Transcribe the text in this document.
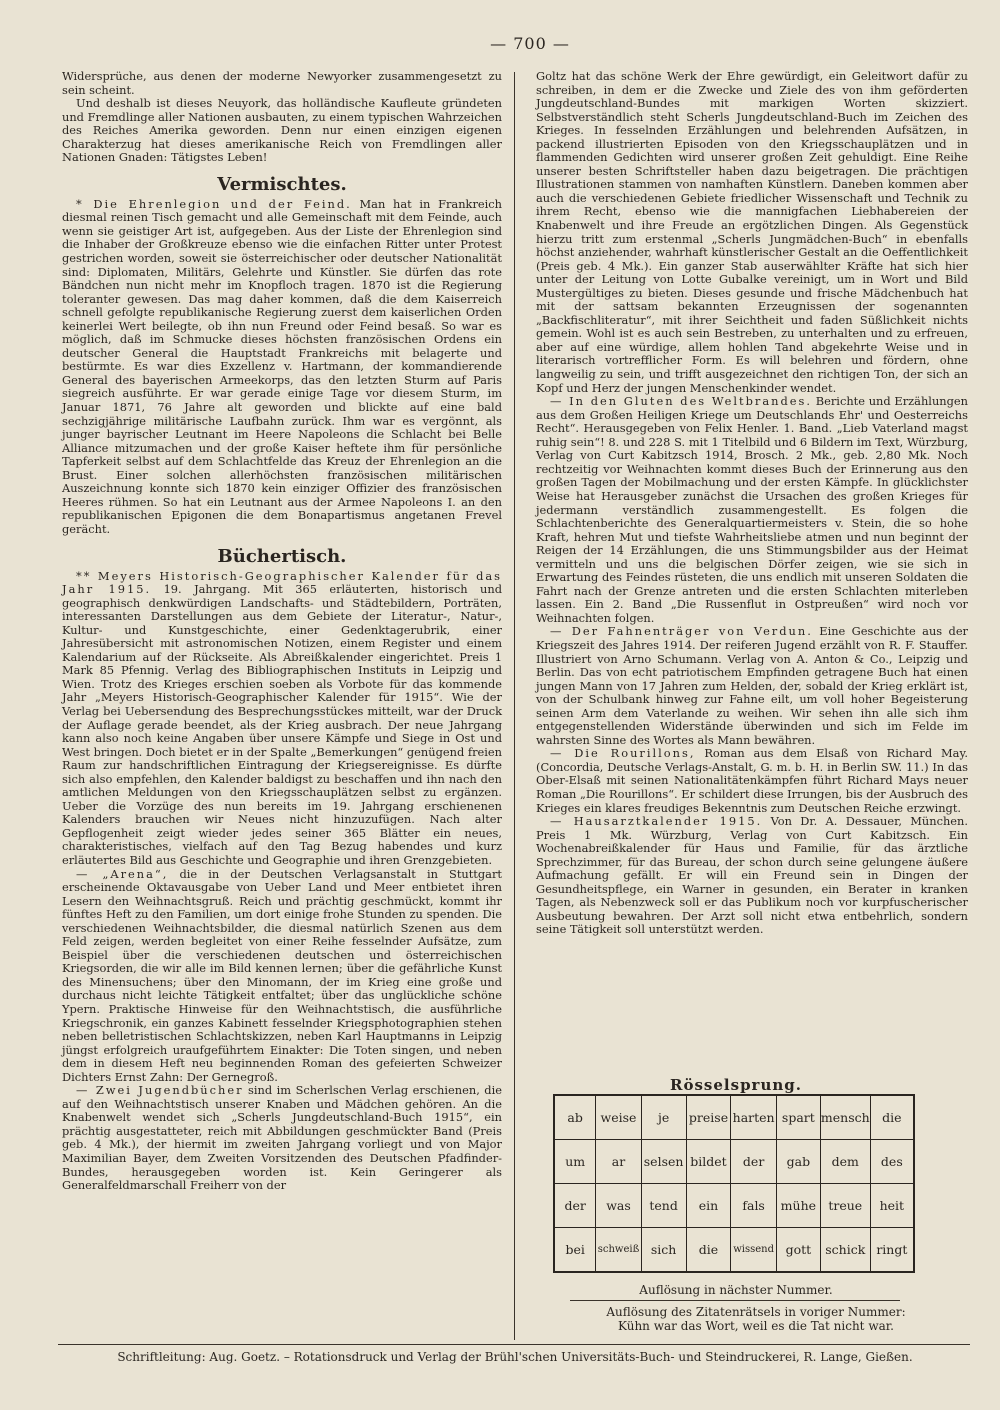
— 700 —

Widersprüche, aus denen der moderne Newyorker zusammengesetzt zu sein scheint.

Und deshalb ist dieses Neuyork, das holländische Kaufleute gründeten und Fremdlinge aller Nationen ausbauten, zu einem typischen Wahrzeichen des Reiches Amerika geworden. Denn nur einen einzigen eigenen Charakterzug hat dieses amerikanische Reich von Fremdlingen aller Nationen Gnaden: Tätigstes Leben!

Vermischtes.

* Die Ehrenlegion und der Feind. Man hat in Frankreich diesmal reinen Tisch gemacht und alle Gemeinschaft mit dem Feinde, auch wenn sie geistiger Art ist, aufgegeben. Aus der Liste der Ehrenlegion sind die Inhaber der Großkreuze ebenso wie die einfachen Ritter unter Protest gestrichen worden, soweit sie österreichischer oder deutscher Nationalität sind: Diplomaten, Militärs, Gelehrte und Künstler. Sie dürfen das rote Bändchen nun nicht mehr im Knopfloch tragen. 1870 ist die Regierung toleranter gewesen. Das mag daher kommen, daß die dem Kaiserreich schnell gefolgte republikanische Regierung zuerst dem kaiserlichen Orden keinerlei Wert beilegte, ob ihn nun Freund oder Feind besaß. So war es möglich, daß im Schmucke dieses höchsten französischen Ordens ein deutscher General die Hauptstadt Frankreichs mit belagerte und bestürmte. Es war dies Exzellenz v. Hartmann, der kommandierende General des bayerischen Armeekorps, das den letzten Sturm auf Paris siegreich ausführte. Er war gerade einige Tage vor diesem Sturm, im Januar 1871, 76 Jahre alt geworden und blickte auf eine bald sechzigjährige militärische Laufbahn zurück. Ihm war es vergönnt, als junger bayrischer Leutnant im Heere Napoleons die Schlacht bei Belle Alliance mitzumachen und der große Kaiser heftete ihm für persönliche Tapferkeit selbst auf dem Schlachtfelde das Kreuz der Ehrenlegion an die Brust. Einer solchen allerhöchsten französischen militärischen Auszeichnung konnte sich 1870 kein einziger Offizier des französischen Heeres rühmen. So hat ein Leutnant aus der Armee Napoleons I. an den republikanischen Epigonen die dem Bonapartismus angetanen Frevel gerächt.

Büchertisch.

** Meyers Historisch-Geographischer Kalender für das Jahr 1915. 19. Jahrgang. Mit 365 erläuterten, historisch und geographisch denkwürdigen Landschafts- und Städtebildern, Porträten, interessanten Darstellungen aus dem Gebiete der Literatur-, Natur-, Kultur- und Kunstgeschichte, einer Gedenktagerubrik, einer Jahresübersicht mit astronomischen Notizen, einem Register und einem Kalendarium auf der Rückseite. Als Abreißkalender eingerichtet. Preis 1 Mark 85 Pfennig. Verlag des Bibliographischen Instituts in Leipzig und Wien. Trotz des Krieges erschien soeben als Vorbote für das kommende Jahr „Meyers Historisch-Geographischer Kalender für 1915“. Wie der Verlag bei Uebersendung des Besprechungsstückes mitteilt, war der Druck der Auflage gerade beendet, als der Krieg ausbrach. Der neue Jahrgang kann also noch keine Angaben über unsere Kämpfe und Siege in Ost und West bringen. Doch bietet er in der Spalte „Bemerkungen“ genügend freien Raum zur handschriftlichen Eintragung der Kriegsereignisse. Es dürfte sich also empfehlen, den Kalender baldigst zu beschaffen und ihn nach den amtlichen Meldungen von den Kriegsschauplätzen selbst zu ergänzen. Ueber die Vorzüge des nun bereits im 19. Jahrgang erschienenen Kalenders brauchen wir Neues nicht hinzuzufügen. Nach alter Gepflogenheit zeigt wieder jedes seiner 365 Blätter ein neues, charakteristisches, vielfach auf den Tag Bezug habendes und kurz erläutertes Bild aus Geschichte und Geographie und ihren Grenzgebieten.

— „Arena“, die in der Deutschen Verlagsanstalt in Stuttgart erscheinende Oktavausgabe von Ueber Land und Meer entbietet ihren Lesern den Weihnachtsgruß. Reich und prächtig geschmückt, kommt ihr fünftes Heft zu den Familien, um dort einige frohe Stunden zu spenden. Die verschiedenen Weihnachtsbilder, die diesmal natürlich Szenen aus dem Feld zeigen, werden begleitet von einer Reihe fesselnder Aufsätze, zum Beispiel über die verschiedenen deutschen und österreichischen Kriegsorden, die wir alle im Bild kennen lernen; über die gefährliche Kunst des Minensuchens; über den Minomann, der im Krieg eine große und durchaus nicht leichte Tätigkeit entfaltet; über das unglückliche schöne Ypern. Praktische Hinweise für den Weihnachtstisch, die ausführliche Kriegschronik, ein ganzes Kabinett fesselnder Kriegsphotographien stehen neben belletristischen Schlachtskizzen, neben Karl Hauptmanns in Leipzig jüngst erfolgreich uraufgeführtem Einakter: Die Toten singen, und neben dem in diesem Heft neu beginnenden Roman des gefeierten Schweizer Dichters Ernst Zahn: Der Gernegroß.

— Zwei Jugendbücher sind im Scherlschen Verlag erschienen, die auf den Weihnachtstisch unserer Knaben und Mädchen gehören. An die Knabenwelt wendet sich „Scherls Jungdeutschland-Buch 1915“, ein prächtig ausgestatteter, reich mit Abbildungen geschmückter Band (Preis geb. 4 Mk.), der hiermit im zweiten Jahrgang vorliegt und von Major Maximilian Bayer, dem Zweiten Vorsitzenden des Deutschen Pfadfinder-Bundes, herausgegeben worden ist. Kein Geringerer als Generalfeldmarschall Freiherr von der

Goltz hat das schöne Werk der Ehre gewürdigt, ein Geleitwort dafür zu schreiben, in dem er die Zwecke und Ziele des von ihm geförderten Jungdeutschland-Bundes mit markigen Worten skizziert. Selbstverständlich steht Scherls Jungdeutschland-Buch im Zeichen des Krieges. In fesselnden Erzählungen und belehrenden Aufsätzen, in packend illustrierten Episoden von den Kriegsschauplätzen und in flammenden Gedichten wird unserer großen Zeit gehuldigt. Eine Reihe unserer besten Schriftsteller haben dazu beigetragen. Die prächtigen Illustrationen stammen von namhaften Künstlern. Daneben kommen aber auch die verschiedenen Gebiete friedlicher Wissenschaft und Technik zu ihrem Recht, ebenso wie die mannigfachen Liebhabereien der Knabenwelt und ihre Freude an ergötzlichen Dingen. Als Gegenstück hierzu tritt zum erstenmal „Scherls Jungmädchen-Buch“ in ebenfalls höchst anziehender, wahrhaft künstlerischer Gestalt an die Oeffentlichkeit (Preis geb. 4 Mk.). Ein ganzer Stab auserwählter Kräfte hat sich hier unter der Leitung von Lotte Gubalke vereinigt, um in Wort und Bild Mustergültiges zu bieten. Dieses gesunde und frische Mädchenbuch hat mit der sattsam bekannten Erzeugnissen der sogenannten „Backfischliteratur“, mit ihrer Seichtheit und faden Süßlichkeit nichts gemein. Wohl ist es auch sein Bestreben, zu unterhalten und zu erfreuen, aber auf eine würdige, allem hohlen Tand abgekehrte Weise und in literarisch vortrefflicher Form. Es will belehren und fördern, ohne langweilig zu sein, und trifft ausgezeichnet den richtigen Ton, der sich an Kopf und Herz der jungen Menschenkinder wendet.

— In den Gluten des Weltbrandes. Berichte und Erzählungen aus dem Großen Heiligen Kriege um Deutschlands Ehr' und Oesterreichs Recht“. Herausgegeben von Felix Henler. 1. Band. „Lieb Vaterland magst ruhig sein“! 8. und 228 S. mit 1 Titelbild und 6 Bildern im Text, Würzburg, Verlag von Curt Kabitzsch 1914, Brosch. 2 Mk., geb. 2,80 Mk. Noch rechtzeitig vor Weihnachten kommt dieses Buch der Erinnerung aus den großen Tagen der Mobilmachung und der ersten Kämpfe. In glücklichster Weise hat Herausgeber zunächst die Ursachen des großen Krieges für jedermann verständlich zusammengestellt. Es folgen die Schlachtenberichte des Generalquartiermeisters v. Stein, die so hohe Kraft, hehren Mut und tiefste Wahrheitsliebe atmen und nun beginnt der Reigen der 14 Erzählungen, die uns Stimmungsbilder aus der Heimat vermitteln und uns die belgischen Dörfer zeigen, wie sie sich in Erwartung des Feindes rüsteten, die uns endlich mit unseren Soldaten die Fahrt nach der Grenze antreten und die ersten Schlachten miterleben lassen. Ein 2. Band „Die Russenflut in Ostpreußen“ wird noch vor Weihnachten folgen.

— Der Fahnenträger von Verdun. Eine Geschichte aus der Kriegszeit des Jahres 1914. Der reiferen Jugend erzählt von R. F. Stauffer. Illustriert von Arno Schumann. Verlag von A. Anton & Co., Leipzig und Berlin. Das von echt patriotischem Empfinden getragene Buch hat einen jungen Mann von 17 Jahren zum Helden, der, sobald der Krieg erklärt ist, von der Schulbank hinweg zur Fahne eilt, um voll hoher Begeisterung seinen Arm dem Vaterlande zu weihen. Wir sehen ihn alle sich ihm entgegenstellenden Widerstände überwinden und sich im Felde im wahrsten Sinne des Wortes als Mann bewähren.

— Die Rourillons, Roman aus dem Elsaß von Richard May. (Concordia, Deutsche Verlags-Anstalt, G. m. b. H. in Berlin SW. 11.) In das Ober-Elsaß mit seinen Nationalitätenkämpfen führt Richard Mays neuer Roman „Die Rourillons“. Er schildert diese Irrungen, bis der Ausbruch des Krieges ein klares freudiges Bekenntnis zum Deutschen Reiche erzwingt.

— Hausarztkalender 1915. Von Dr. A. Dessauer, München. Preis 1 Mk. Würzburg, Verlag von Curt Kabitzsch. Ein Wochenabreißkalender für Haus und Familie, für das ärztliche Sprechzimmer, für das Bureau, der schon durch seine gelungene äußere Aufmachung gefällt. Er will ein Freund sein in Dingen der Gesundheitspflege, ein Warner in gesunden, ein Berater in kranken Tagen, als Nebenzweck soll er das Publikum noch vor kurpfuscherischer Ausbeutung bewahren. Der Arzt soll nicht etwa entbehrlich, sondern seine Tätigkeit soll unterstützt werden.

Rösselsprung.
ab	weise	je	preise	harten	spart	mensch	die
um	ar	selsen	bildet	der	gab	dem	des
der	was	tend	ein	fals	mühe	treue	heit
bei	schweiß	sich	die	wissend	gott	schick	ringt
Auflösung in nächster Nummer.
Auflösung des Zitatenrätsels in voriger Nummer:
Kühn war das Wort, weil es die Tat nicht war.
Schriftleitung: Aug. Goetz. – Rotationsdruck und Verlag der Brühl'schen Universitäts-Buch- und Steindruckerei, R. Lange, Gießen.
